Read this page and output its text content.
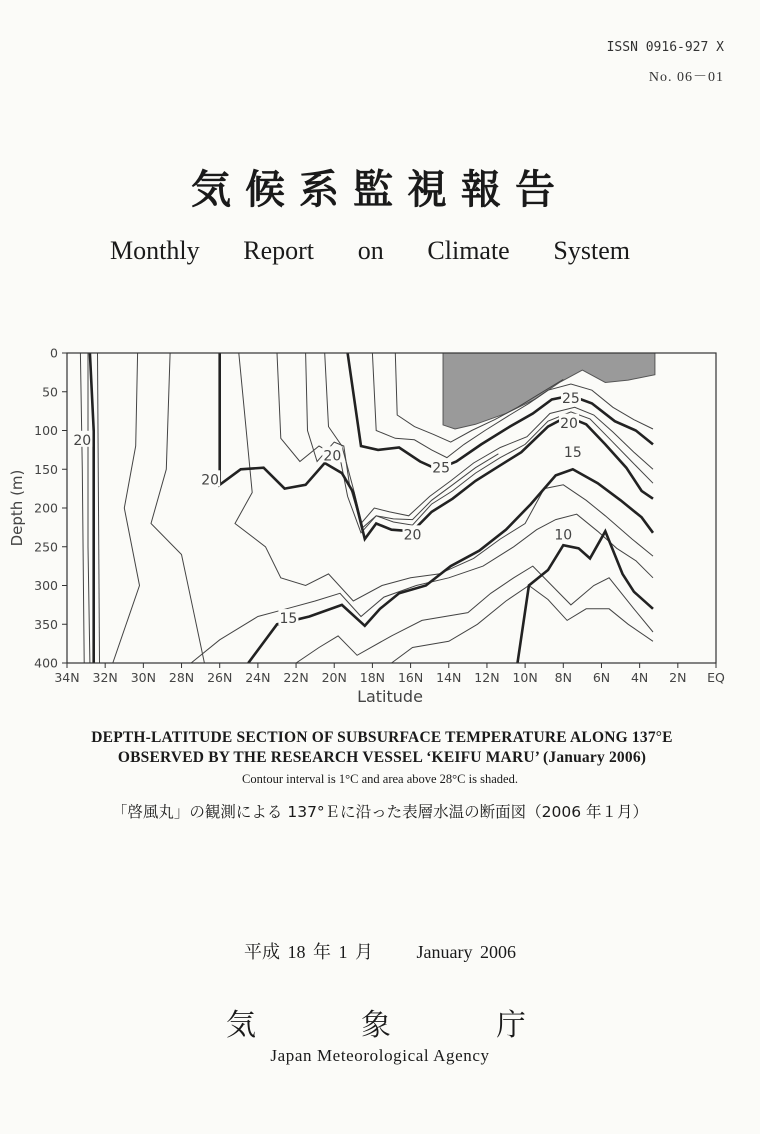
ISSN 0916-927 X
No. 06－01
気候系監視報告
Monthly Report on Climate System
34N 32N 30N 28N 26N 24N 22N 20N 18N 16N 14N 12N 10N 8N 6N 4N 2N EQ
0
50
100
150
200
250
300
350
400
20
20
20
25
20
15
25
20
15
10
Latitude
Depth (m)
DEPTH-LATITUDE SECTION OF SUBSURFACE TEMPERATURE ALONG 137°E
OBSERVED BY THE RESEARCH VESSEL ‘KEIFU MARU’ (January 2006)
Contour interval is 1°C and area above 28°C is shaded.
「啓風丸」の観測による 137°Ｅに沿った表層水温の断面図（2006 年１月）
平成 18 年 1 月 January 2006
気	象	庁
Japan Meteorological Agency
